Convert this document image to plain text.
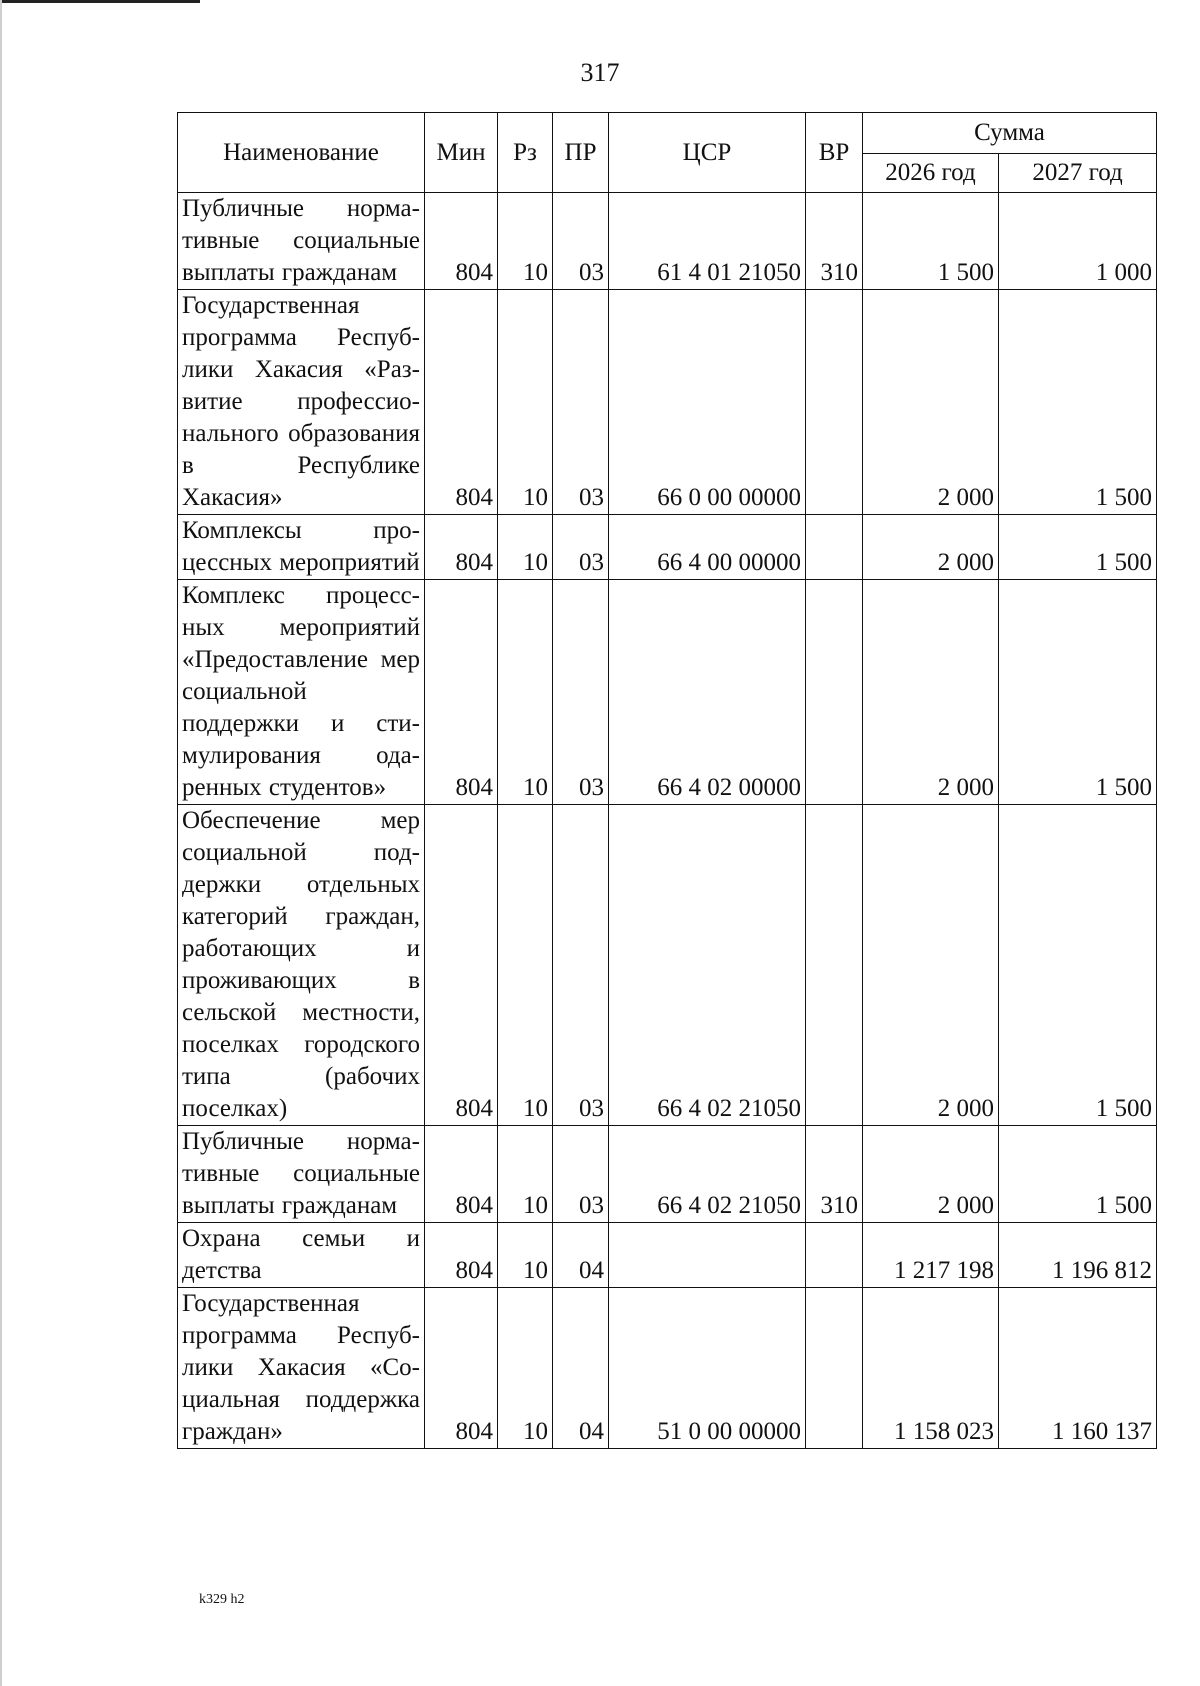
317
Наименование	Мин	Рз	ПР	ЦСР	ВР	Сумма	
						2026 год	2027 год
Публичные нормативные социальные выплаты гражданам	804	10	03	61 4 01 21050	310	1 500	1 000
Государственная программа Республики Хакасия «Развитие профессионального образования в Республике Хакасия»	804	10	03	66 0 00 00000		2 000	1 500
Комплексы процессных мероприятий	804	10	03	66 4 00 00000		2 000	1 500
Комплекс процессных мероприятий «Предоставление мер социальной поддержки и стимулирования одаренных студентов»	804	10	03	66 4 02 00000		2 000	1 500
Обеспечение мер социальной поддержки отдельных категорий граждан, работающих и проживающих в сельской местности, поселках городского типа (рабочих поселках)	804	10	03	66 4 02 21050		2 000	1 500
Публичные нормативные социальные выплаты гражданам	804	10	03	66 4 02 21050	310	2 000	1 500
Охрана семьи и детства	804	10	04			1 217 198	1 196 812
Государственная программа Республики Хакасия «Социальная поддержка граждан»	804	10	04	51 0 00 00000		1 158 023	1 160 137
k329 h2
